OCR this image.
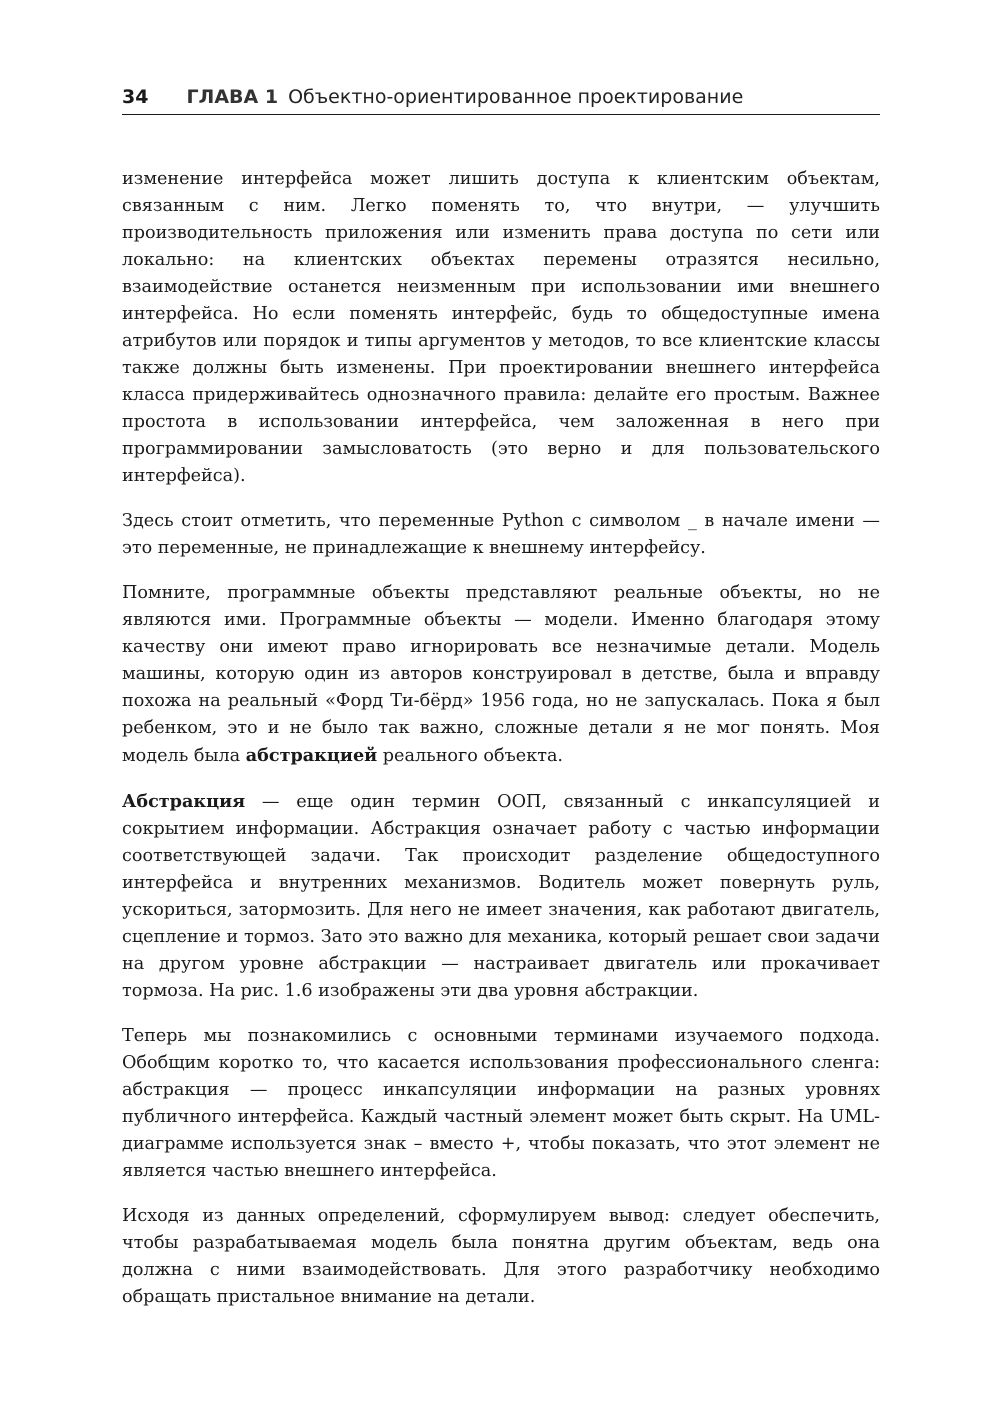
34 ГЛАВА 1 Объектно-ориентированное проектирование

изменение интерфейса может лишить доступа к клиентским объектам, связанным с ним. Легко поменять то, что внутри, — улучшить производительность приложения или изменить права доступа по сети или локально: на клиентских объектах перемены отразятся несильно, взаимодействие останется неизменным при использовании ими внешнего интерфейса. Но если поменять интерфейс, будь то общедоступные имена атрибутов или порядок и типы аргументов у методов, то все клиентские классы также должны быть изменены. При проектировании внешнего интерфейса класса придерживайтесь однозначного правила: делайте его простым. Важнее простота в использовании интерфейса, чем заложенная в него при программировании замысловатость (это верно и для пользовательского интерфейса).

Здесь стоит отметить, что переменные Python с символом _ в начале имени — это переменные, не принадлежащие к внешнему интерфейсу.

Помните, программные объекты представляют реальные объекты, но не являются ими. Программные объекты — модели. Именно благодаря этому качеству они имеют право игнорировать все незначимые детали. Модель машины, которую один из авторов конструировал в детстве, была и вправду похожа на реальный «Форд Ти-бёрд» 1956 года, но не запускалась. Пока я был ребенком, это и не было так важно, сложные детали я не мог понять. Моя модель была абстракцией реального объекта.

Абстракция — еще один термин ООП, связанный с инкапсуляцией и сокрытием информации. Абстракция означает работу с частью информации соответствующей задачи. Так происходит разделение общедоступного интерфейса и внутренних механизмов. Водитель может повернуть руль, ускориться, затормозить. Для него не имеет значения, как работают двигатель, сцепление и тормоз. Зато это важно для механика, который решает свои задачи на другом уровне абстракции — настраивает двигатель или прокачивает тормоза. На рис. 1.6 изображены эти два уровня абстракции.

Теперь мы познакомились с основными терминами изучаемого подхода. Обобщим коротко то, что касается использования профессионального сленга: абстракция — процесс инкапсуляции информации на разных уровнях публичного интерфейса. Каждый частный элемент может быть скрыт. На UML-диаграмме используется знак – вместо +, чтобы показать, что этот элемент не является частью внешнего интерфейса.

Исходя из данных определений, сформулируем вывод: следует обеспечить, чтобы разрабатываемая модель была понятна другим объектам, ведь она должна с ними взаимодействовать. Для этого разработчику необходимо обращать пристальное внимание на детали.
